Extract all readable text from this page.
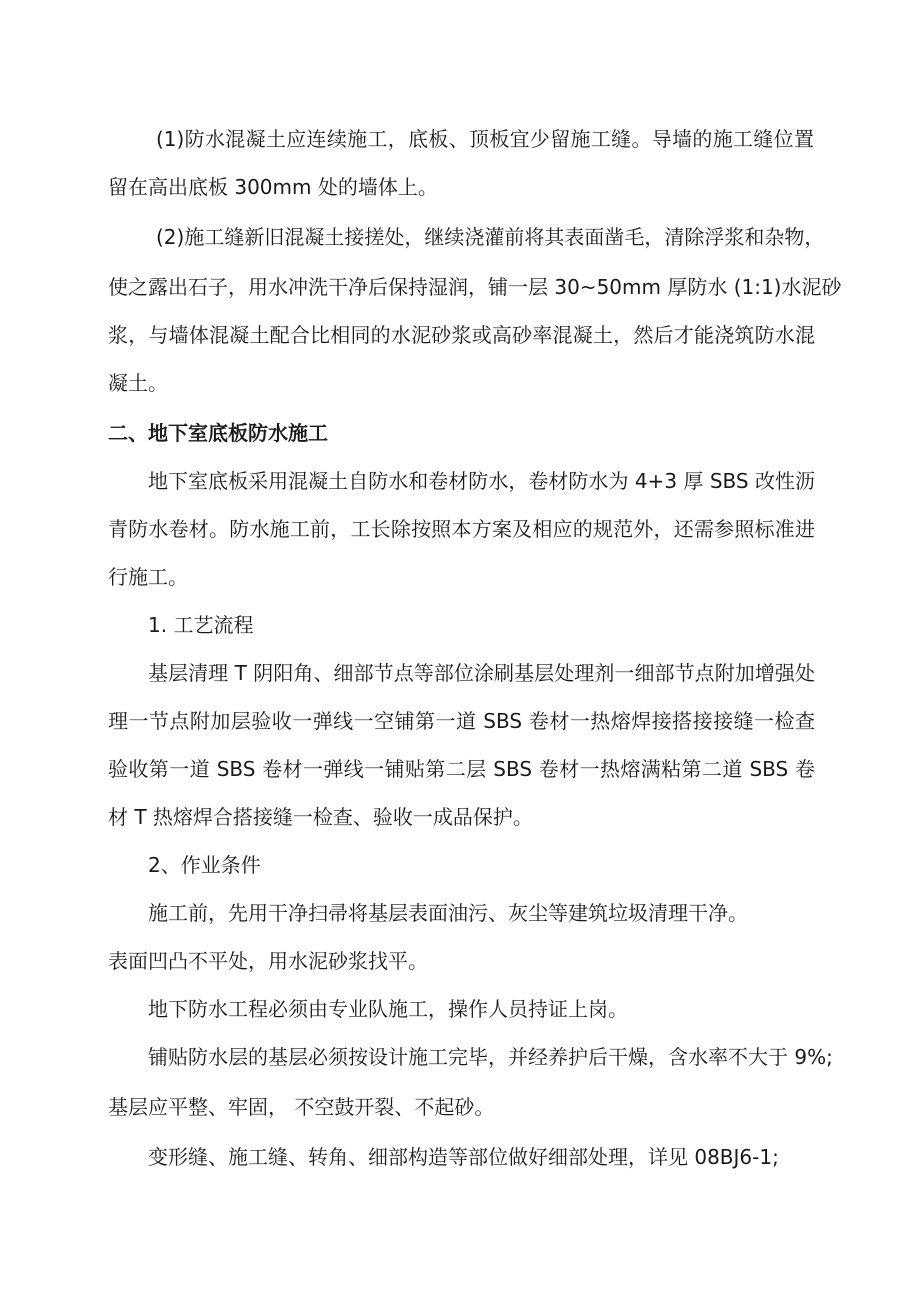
(1)防水混凝土应连续施工，底板、顶板宜少留施工缝。导墙的施工缝位置
留在高出底板 300mm 处的墙体上。
(2)施工缝新旧混凝土接搓处，继续浇灌前将其表面凿毛，清除浮浆和杂物，
使之露出石子，用水冲洗干净后保持湿润，铺一层 30~50mm 厚防水 (1:1)水泥砂
浆，与墙体混凝土配合比相同的水泥砂浆或高砂率混凝土，然后才能浇筑防水混
凝土。
二、地下室底板防水施工
地下室底板采用混凝土自防水和卷材防水，卷材防水为 4+3 厚 SBS 改性沥
青防水卷材。防水施工前，工长除按照本方案及相应的规范外，还需参照标准进
行施工。
1. 工艺流程
基层清理 T 阴阳角、细部节点等部位涂刷基层处理剂一细部节点附加增强处
理一节点附加层验收一弹线一空铺第一道 SBS 卷材一热熔焊接搭接接缝一检查
验收第一道 SBS 卷材一弹线一铺贴第二层 SBS 卷材一热熔满粘第二道 SBS 卷
材 T 热熔焊合搭接缝一检查、验收一成品保护。
2、作业条件
施工前，先用干净扫帚将基层表面油污、灰尘等建筑垃圾清理干净。
表面凹凸不平处，用水泥砂浆找平。
地下防水工程必须由专业队施工，操作人员持证上岗。
铺贴防水层的基层必须按设计施工完毕，并经养护后干燥，含水率不大于 9%;
基层应平整、牢固， 不空鼓开裂、不起砂。
变形缝、施工缝、转角、细部构造等部位做好细部处理，详见 08BJ6-1;
